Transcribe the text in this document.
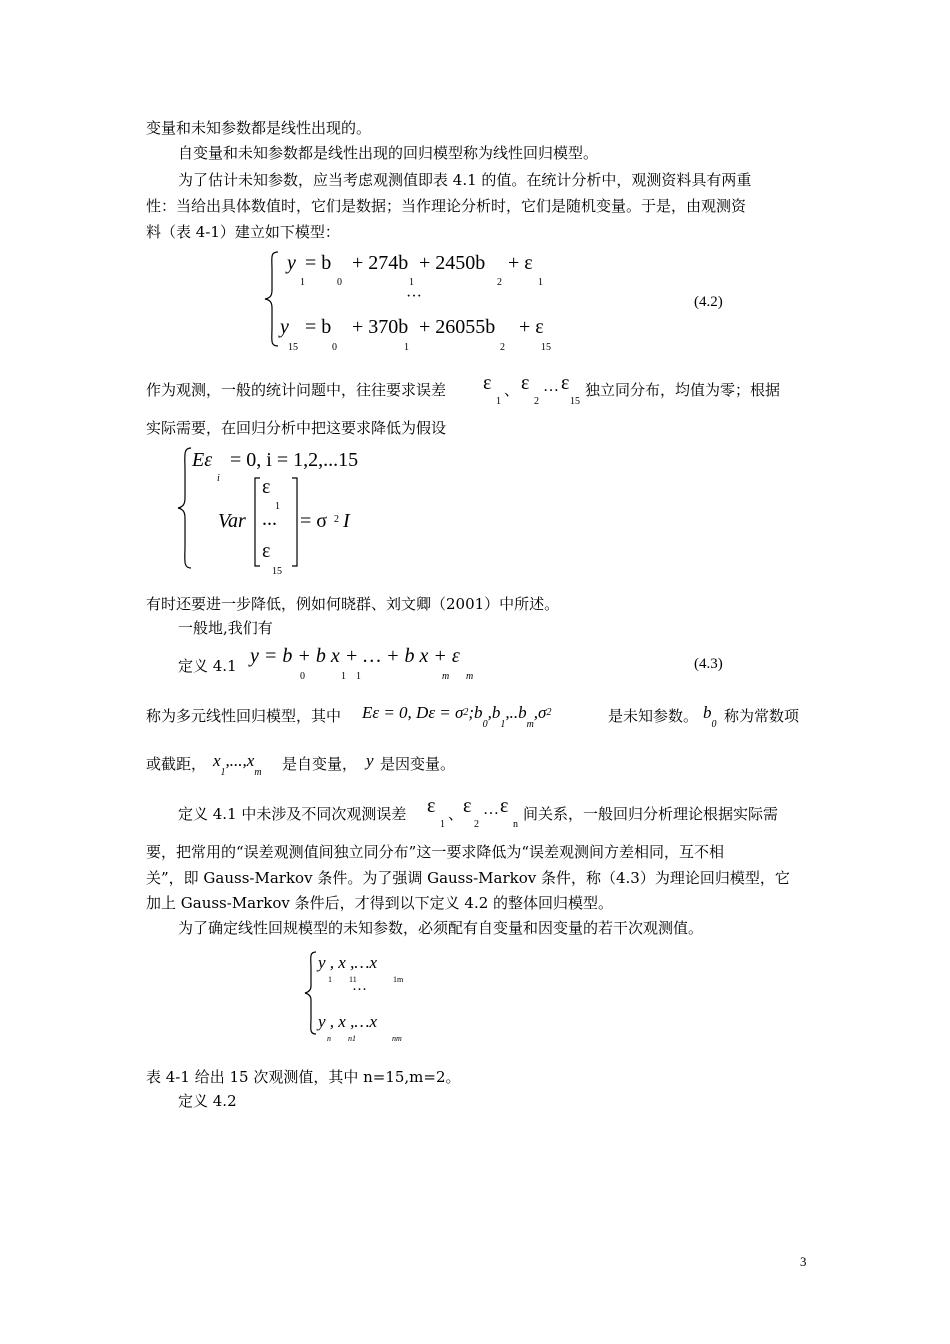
变量和未知参数都是线性出现的。
自变量和未知参数都是线性出现的回归模型称为线性回归模型。
为了估计未知参数，应当考虑观测值即表 4.1 的值。在统计分析中，观测资料具有两重
性：当给出具体数值时，它们是数据；当作理论分析时，它们是随机变量。于是，由观测资
料（表 4-1）建立如下模型：
y = b + 274b + 2450b + ε
1	0	1	2	1
···	(4.2)
y = b + 370b + 26055b + ε
15	0	1	2	15
作为观测，一般的统计问题中，往往要求误差 ε
1
、 ε
2
… ε
15
独立同分布，均值为零；根据
实际需要，在回归分析中把这要求降低为假设
Eε = 0, i = 1,2,...15
i
Var
ε
1
...
ε
15
= σ 2 I
有时还要进一步降低，例如何晓群、刘文卿（2001）中所述。
一般地,我们有
定义 4.1 y = b + b x + … + b x + ε
0	1 1	m m
(4.3)
称为多元线性回归模型，其中 Eε = 0, $D\varepsilon = \sigma 2;b_0,b_1,..b_m,\sigma 2$	是未知参数。 $b_0$ 称为常数项
或截距， $x_1,...,x_m$ 是自变量， y 是因变量。
定义 4.1 中未涉及不同次观测误差 ε
1
、 ε
2
… ε
n
间关系，一般回归分析理论根据实际需
要，把常用的“误差观测值间独立同分布”这一要求降低为“误差观测间方差相同，互不相
关”，即 Gauss-Markov 条件。为了强调 Gauss-Markov 条件，称（4.3）为理论回归模型，它
加上 Gauss-Markov 条件后，才得到以下定义 4.2 的整体回归模型。
为了确定线性回规模型的未知参数，必须配有自变量和因变量的若干次观测值。
y , x ,…x
1 11	1m
···
y , x ,…x
n n1	nm
表 4-1 给出 15 次观测值，其中 n=15,m=2。
定义 4.2
3
